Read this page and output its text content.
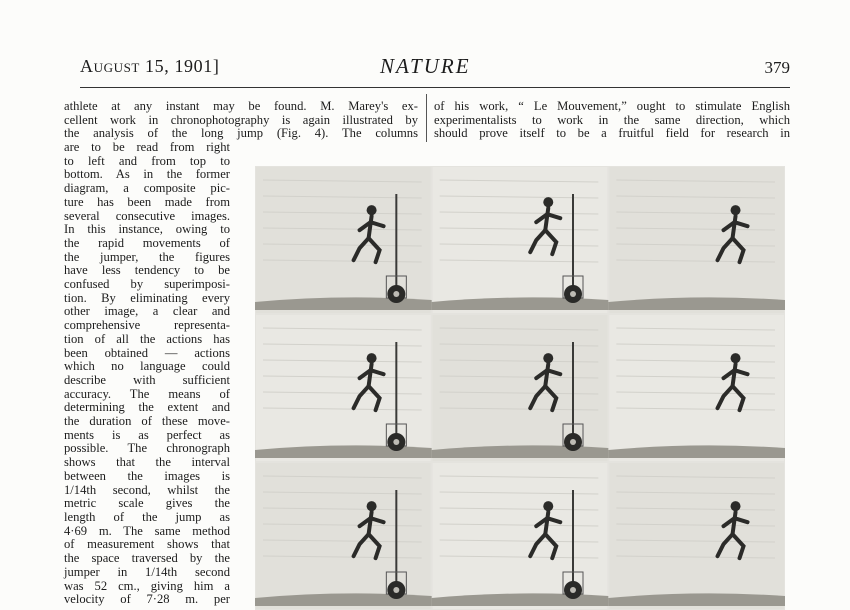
August 15, 1901]	NATURE	379
athlete at any instant may be found. M. Marey's ex-
cellent work in chronophotography is again illustrated by
the analysis of the long jump (Fig. 4). The columns
of his work, “ Le Mouvement,” ought to stimulate English
experimentalists to work in the same direction, which
should prove itself to be a fruitful field for research in
are to be read from right
to left and from top to
bottom. As in the former
diagram, a composite pic-
ture has been made from
several consecutive images.
In this instance, owing to
the rapid movements of
the jumper, the figures
have less tendency to be
confused by superimposi-
tion. By eliminating every
other image, a clear and
comprehensive representa-
tion of all the actions has
been obtained — actions
which no language could
describe with sufficient
accuracy. The means of
determining the extent and
the duration of these move-
ments is as perfect as
possible. The chronograph
shows that the interval
between the images is
1/14th second, whilst the
metric scale gives the
length of the jump as
4·69 m. The same method
of measurement shows that
the space traversed by the
jumper in 1/14th second
was 52 cm., giving him a
velocity of 7·28 m. per
